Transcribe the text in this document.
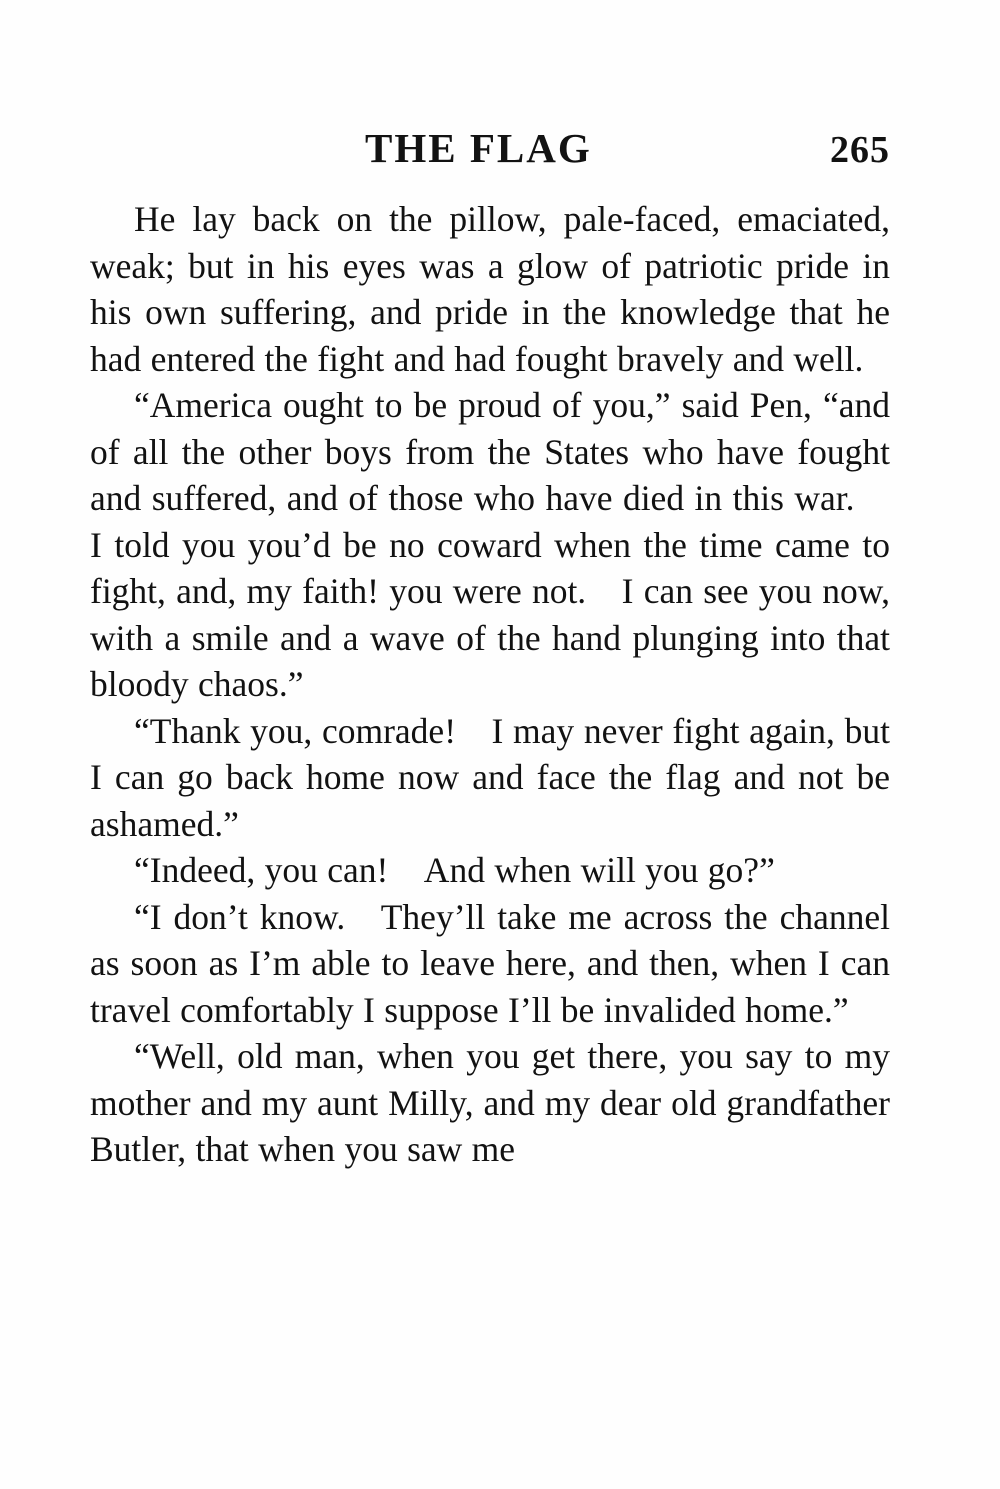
THE FLAG	265

He lay back on the pillow, pale-faced, emaciated, weak; but in his eyes was a glow of patriotic pride in his own suffering, and pride in the knowledge that he had entered the fight and had fought bravely and well.

“America ought to be proud of you,” said Pen, “and of all the other boys from the States who have fought and suffered, and of those who have died in this war. I told you you’d be no coward when the time came to fight, and, my faith! you were not. I can see you now, with a smile and a wave of the hand plunging into that bloody chaos.”

“Thank you, comrade! I may never fight again, but I can go back home now and face the flag and not be ashamed.”

“Indeed, you can! And when will you go?”

“I don’t know. They’ll take me across the channel as soon as I’m able to leave here, and then, when I can travel comfortably I suppose I’ll be invalided home.”

“Well, old man, when you get there, you say to my mother and my aunt Milly, and my dear old grandfather Butler, that when you saw me
